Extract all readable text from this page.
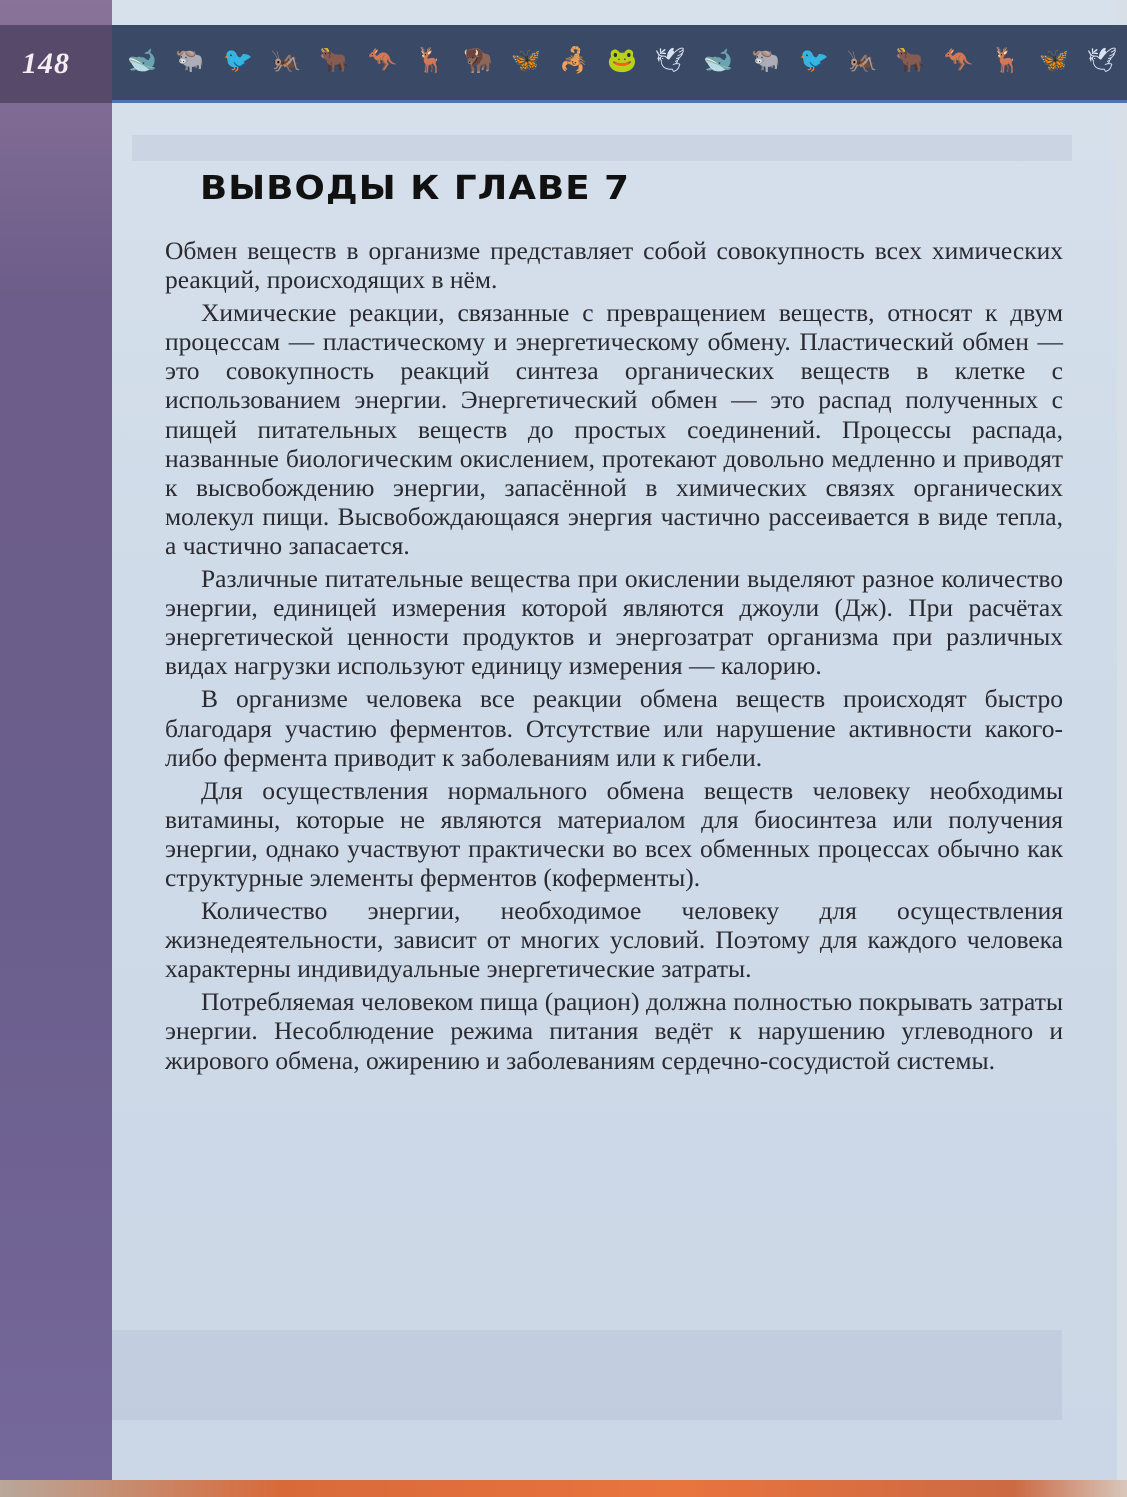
148 🐋 🐃 🐦 🦗 🐂 🦘 🦌 🦬 🦋 🦂 🐸 🕊 🐋 🐃 🐦 🦗 🐂 🦘 🦌 🦋 🕊
ВЫВОДЫ К ГЛАВЕ 7

Обмен веществ в организме представляет собой совокупность всех химических реакций, происходящих в нём.

Химические реакции, связанные с превращением веществ, относят к двум процессам — пластическому и энергетическому обмену. Пластический обмен — это совокупность реакций синтеза органических веществ в клетке с использованием энергии. Энергетический обмен — это распад полученных с пищей питательных веществ до простых соединений. Процессы распада, названные биологическим окислением, протекают довольно медленно и приводят к высвобождению энергии, запасённой в химических связях органических молекул пищи. Высвобождающаяся энергия частично рассеивается в виде тепла, а частично запасается.

Различные питательные вещества при окислении выделяют разное количество энергии, единицей измерения которой являются джоули (Дж). При расчётах энергетической ценности продуктов и энергозатрат организма при различных видах нагрузки используют единицу измерения — калорию.

В организме человека все реакции обмена веществ происходят быстро благодаря участию ферментов. Отсутствие или нарушение активности какого-либо фермента приводит к заболеваниям или к гибели.

Для осуществления нормального обмена веществ человеку необходимы витамины, которые не являются материалом для биосинтеза или получения энергии, однако участвуют практически во всех обменных процессах обычно как структурные элементы ферментов (коферменты).

Количество энергии, необходимое человеку для осуществления жизнедеятельности, зависит от многих условий. Поэтому для каждого человека характерны индивидуальные энергетические затраты.

Потребляемая человеком пища (рацион) должна полностью покрывать затраты энергии. Несоблюдение режима питания ведёт к нарушению углеводного и жирового обмена, ожирению и заболеваниям сердечно-сосудистой системы.
